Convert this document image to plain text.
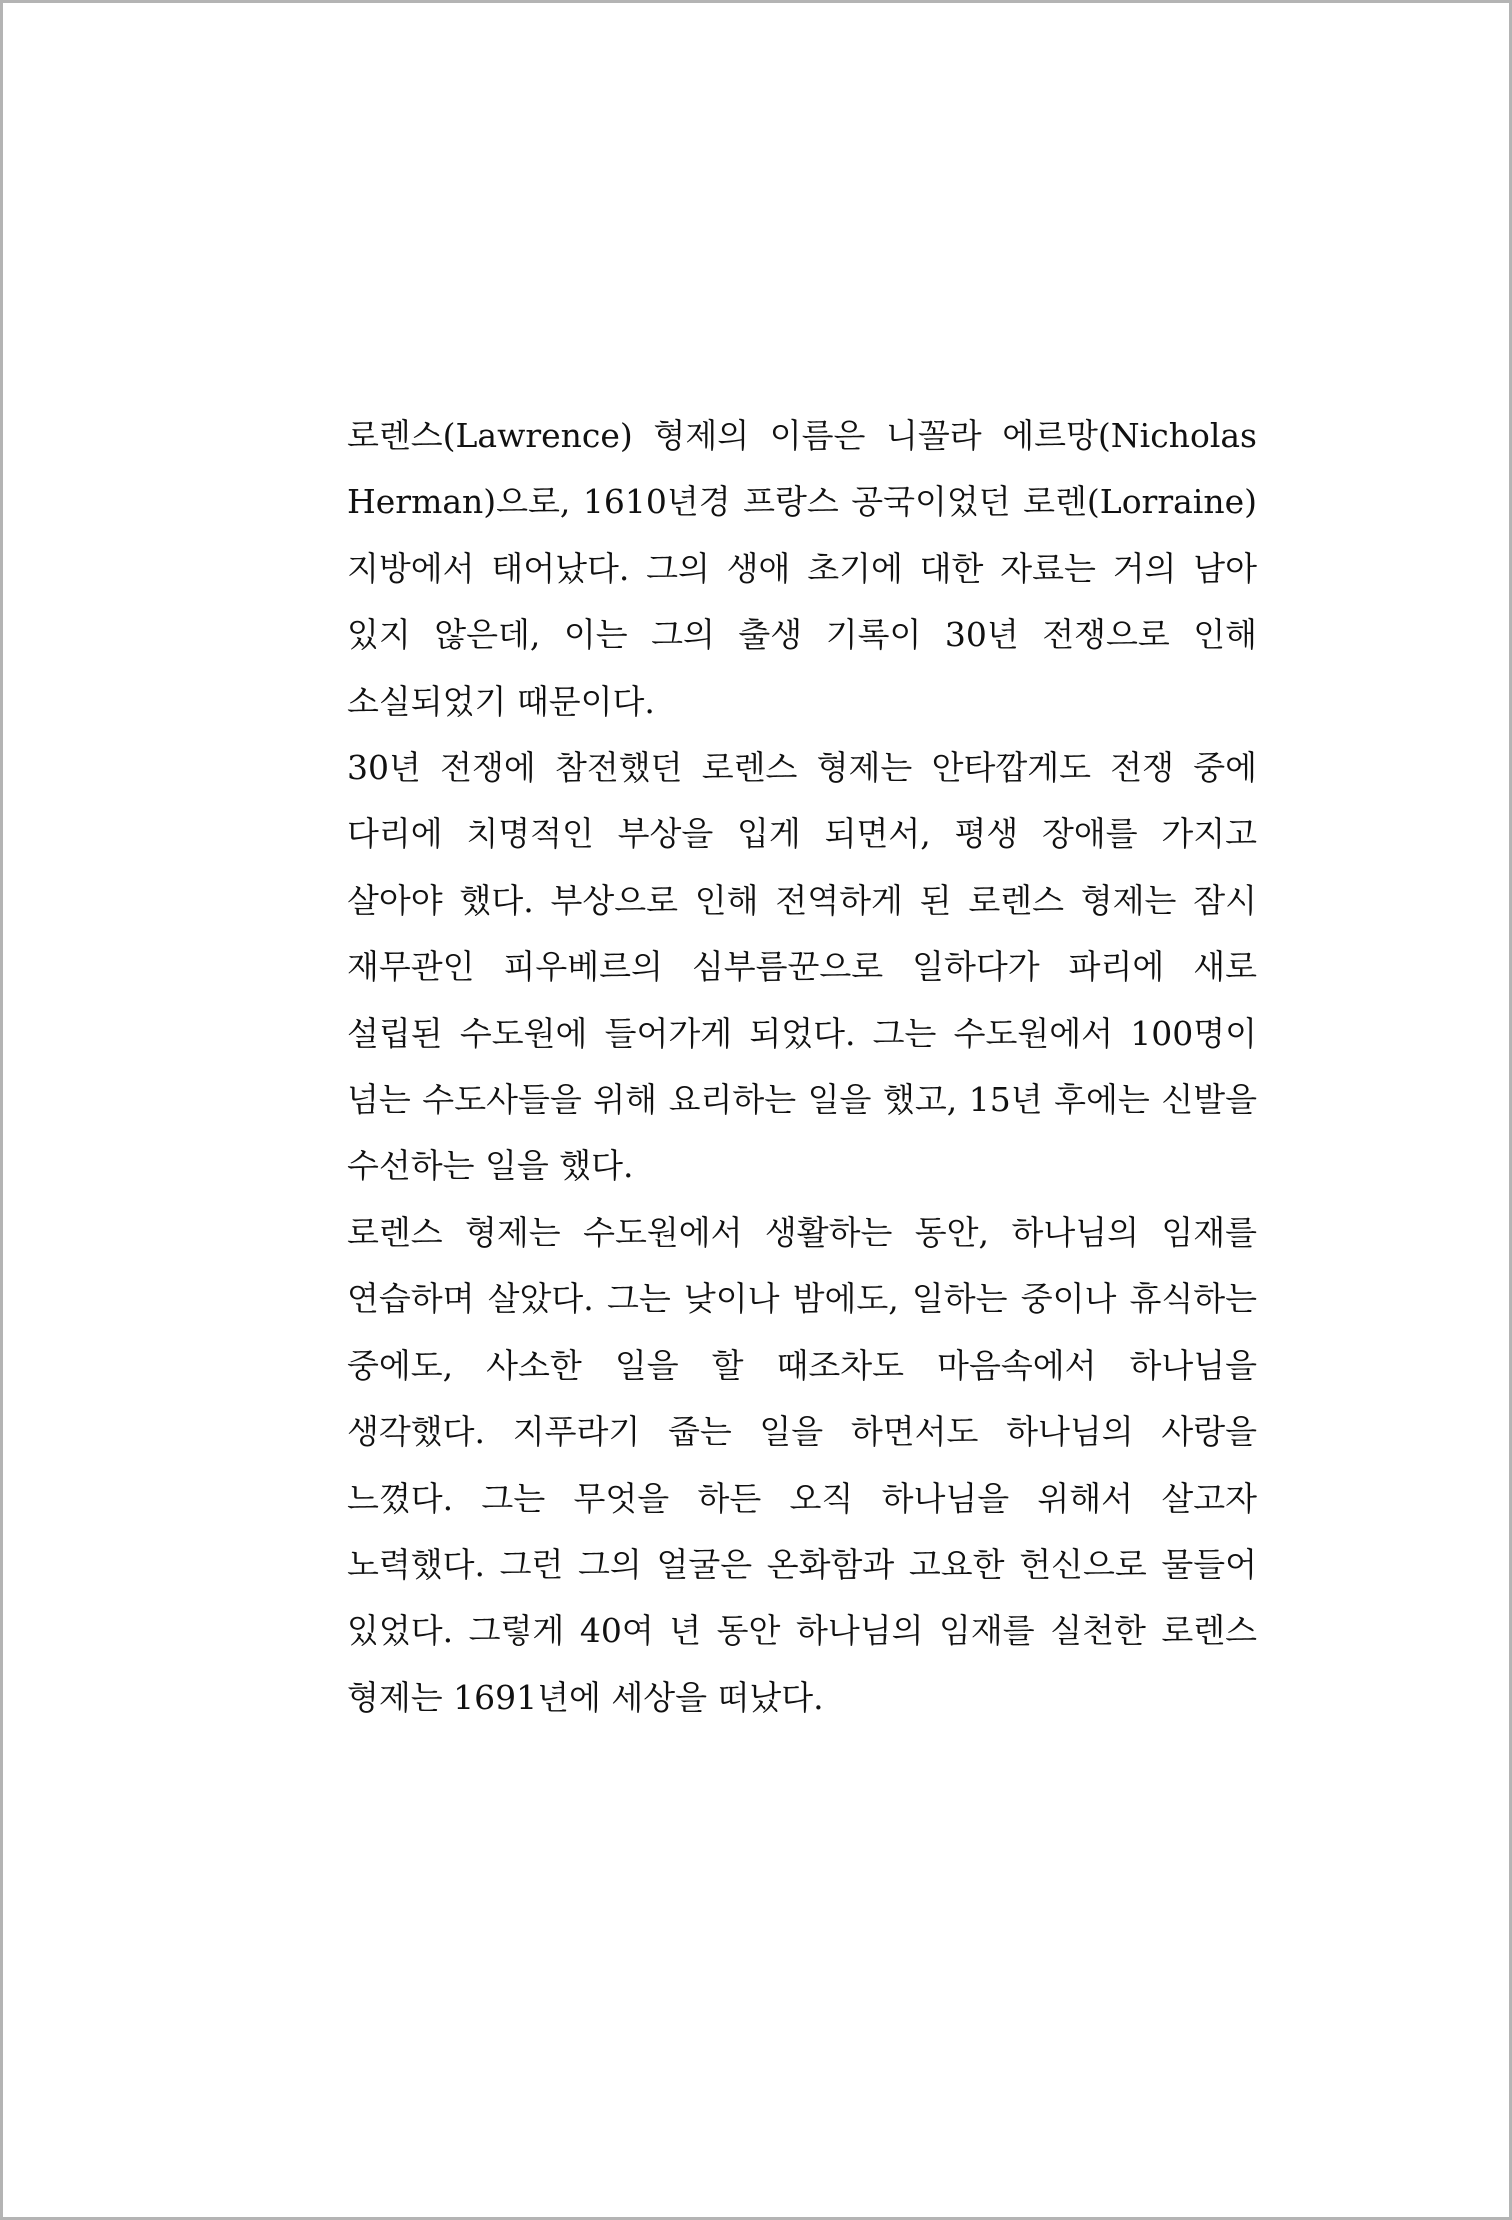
로렌스(Lawrence) 형제의 이름은 니꼴라 에르망(Nicholas Herman)으로, 1610년경 프랑스 공국이었던 로렌(Lorraine) 지방에서 태어났다. 그의 생애 초기에 대한 자료는 거의 남아 있지 않은데, 이는 그의 출생 기록이 30년 전쟁으로 인해 소실되었기 때문이다.

30년 전쟁에 참전했던 로렌스 형제는 안타깝게도 전쟁 중에 다리에 치명적인 부상을 입게 되면서, 평생 장애를 가지고 살아야 했다. 부상으로 인해 전역하게 된 로렌스 형제는 잠시 재무관인 피우베르의 심부름꾼으로 일하다가 파리에 새로 설립된 수도원에 들어가게 되었다. 그는 수도원에서 100명이 넘는 수도사들을 위해 요리하는 일을 했고, 15년 후에는 신발을 수선하는 일을 했다.

로렌스 형제는 수도원에서 생활하는 동안, 하나님의 임재를 연습하며 살았다. 그는 낮이나 밤에도, 일하는 중이나 휴식하는 중에도, 사소한 일을 할 때조차도 마음속에서 하나님을 생각했다. 지푸라기 줍는 일을 하면서도 하나님의 사랑을 느꼈다. 그는 무엇을 하든 오직 하나님을 위해서 살고자 노력했다. 그런 그의 얼굴은 온화함과 고요한 헌신으로 물들어 있었다. 그렇게 40여 년 동안 하나님의 임재를 실천한 로렌스 형제는 1691년에 세상을 떠났다.
